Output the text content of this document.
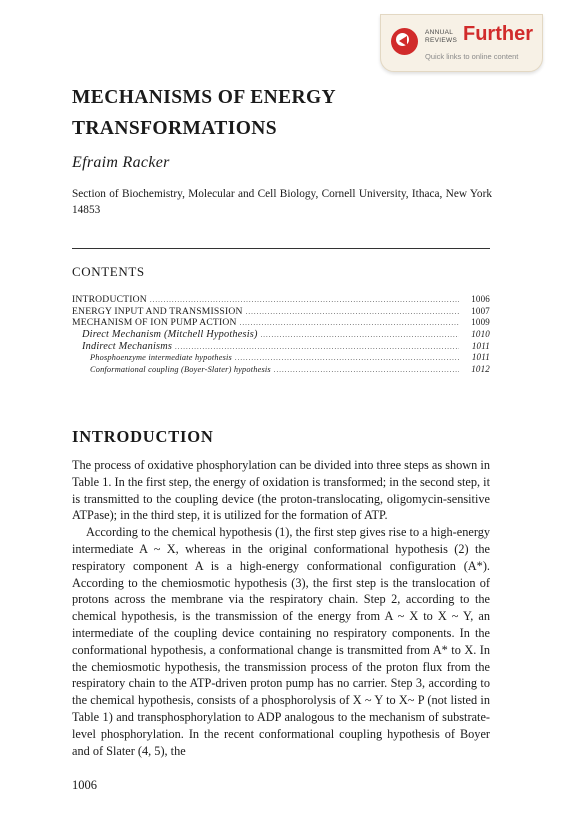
ANNUAL
REVIEWS Further
Quick links to online content
MECHANISMS OF ENERGY
TRANSFORMATIONS
Efraim Racker
Section of Biochemistry, Molecular and Cell Biology, Cornell University, Ithaca, New York 14853
CONTENTS
INTRODUCTION .....	1006
ENERGY INPUT AND TRANSMISSION .....	1007
MECHANISM OF ION PUMP ACTION .....	1009
Direct Mechanism (Mitchell Hypothesis) .....	1010
Indirect Mechanisms .....	1011
Phosphoenzyme intermediate hypothesis .....	1011
Conformational coupling (Boyer-Slater) hypothesis .....	1012
INTRODUCTION

The process of oxidative phosphorylation can be divided into three steps as shown in Table 1. In the first step, the energy of oxidation is transformed; in the second step, it is transmitted to the coupling device (the proton-translocating, oligomycin-sensitive ATPase); in the third step, it is utilized for the formation of ATP.

According to the chemical hypothesis (1), the first step gives rise to a high-energy intermediate A ~ X, whereas in the original conformational hypothesis (2) the respiratory component A is a high-energy conformational configuration (A*). According to the chemiosmotic hypothesis (3), the first step is the translocation of protons across the membrane via the respiratory chain. Step 2, according to the chemical hypothesis, is the transmission of the energy from A ~ X to X ~ Y, an intermediate of the coupling device containing no respiratory components. In the conformational hypothesis, a conformational change is transmitted from A* to X. In the chemiosmotic hypothesis, the transmission process of the proton flux from the respiratory chain to the ATP-driven proton pump has no carrier. Step 3, according to the chemical hypothesis, consists of a phosphorolysis of X ~ Y to X~ P (not listed in Table 1) and transphosphorylation to ADP analogous to the mechanism of substrate-level phosphorylation. In the recent conformational coupling hypothesis of Boyer and of Slater (4, 5), the

1006
